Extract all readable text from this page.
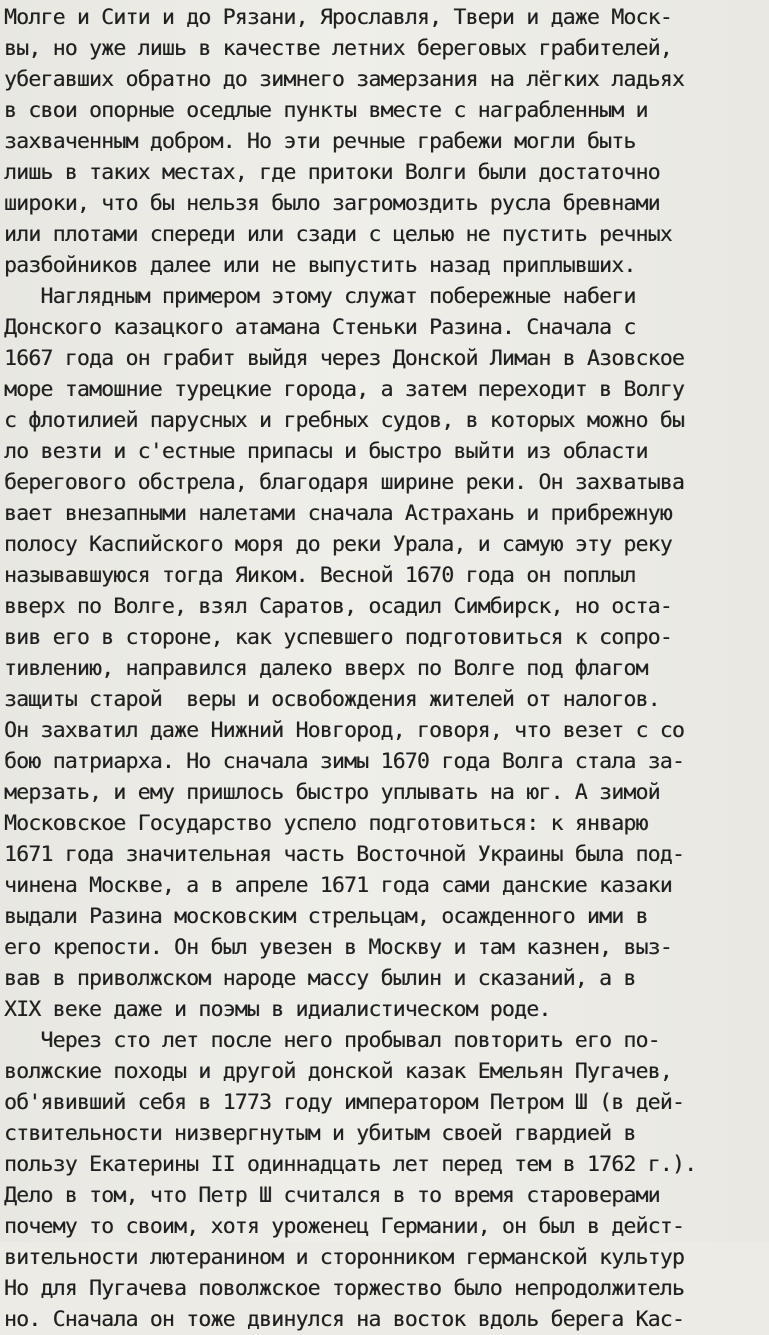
Молге и Сити и до Рязани, Ярославля, Твери и даже Моск-
вы, но уже лишь в качестве летних береговых грабителей,
убегавших обратно до зимнего замерзания на лёгких ладьях
в свои опорные оседлые пункты вместе с награбленным и
захваченным добром. Но эти речные грабежи могли быть
лишь в таких местах, где притоки Волги были достаточно
широки, что бы нельзя было загромоздить русла бревнами
или плотами спереди или сзади с целью не пустить речных
разбойников далее или не выпустить назад приплывших.
Наглядным примером этому служат побережные набеги
Донского казацкого атамана Стеньки Разина. Сначала с
1667 года он грабит выйдя через Донской Лиман в Азовское
море тамошние турецкие города, а затем переходит в Волгу
с флотилией парусных и гребных судов, в которых можно бы
ло везти и с'естные припасы и быстро выйти из области
берегового обстрела, благодаря ширине реки. Он захватыва
вает внезапными налетами сначала Астрахань и прибрежную
полосу Каспийского моря до реки Урала, и самую эту реку
называвшуюся тогда Яиком. Весной 1670 года он поплыл
вверх по Волге, взял Саратов, осадил Симбирск, но оста-
вив его в стороне, как успевшего подготовиться к сопро-
тивлению, направился далеко вверх по Волге под флагом
защиты старой  веры и освобождения жителей от налогов.
Он захватил даже Нижний Новгород, говоря, что везет с со
бою патриарха. Но сначала зимы 1670 года Волга стала за-
мерзать, и ему пришлось быстро уплывать на юг. А зимой
Московское Государство успело подготовиться: к январю
1671 года значительная часть Восточной Украины была под-
чинена Москве, а в апреле 1671 года сами данские казаки
выдали Разина московским стрельцам, осажденного ими в
его крепости. Он был увезен в Москву и там казнен, выз-
вав в приволжском народе массу былин и сказаний, а в
XIX веке даже и поэмы в идиалистическом роде.
Через сто лет после него пробывал повторить его по-
волжские походы и другой донской казак Емельян Пугачев,
об'явивший себя в 1773 году императором Петром Ш (в дей-
ствительности низвергнутым и убитым своей гвардией в
пользу Екатерины II одиннадцать лет перед тем в 1762 г.).
Дело в том, что Петр Ш считался в то время староверами
почему то своим, хотя уроженец Германии, он был в дейст-
вительности лютеранином и сторонником германской культур
Но для Пугачева поволжское торжество было непродолжитель
но. Сначала он тоже двинулся на восток вдоль берега Кас-
